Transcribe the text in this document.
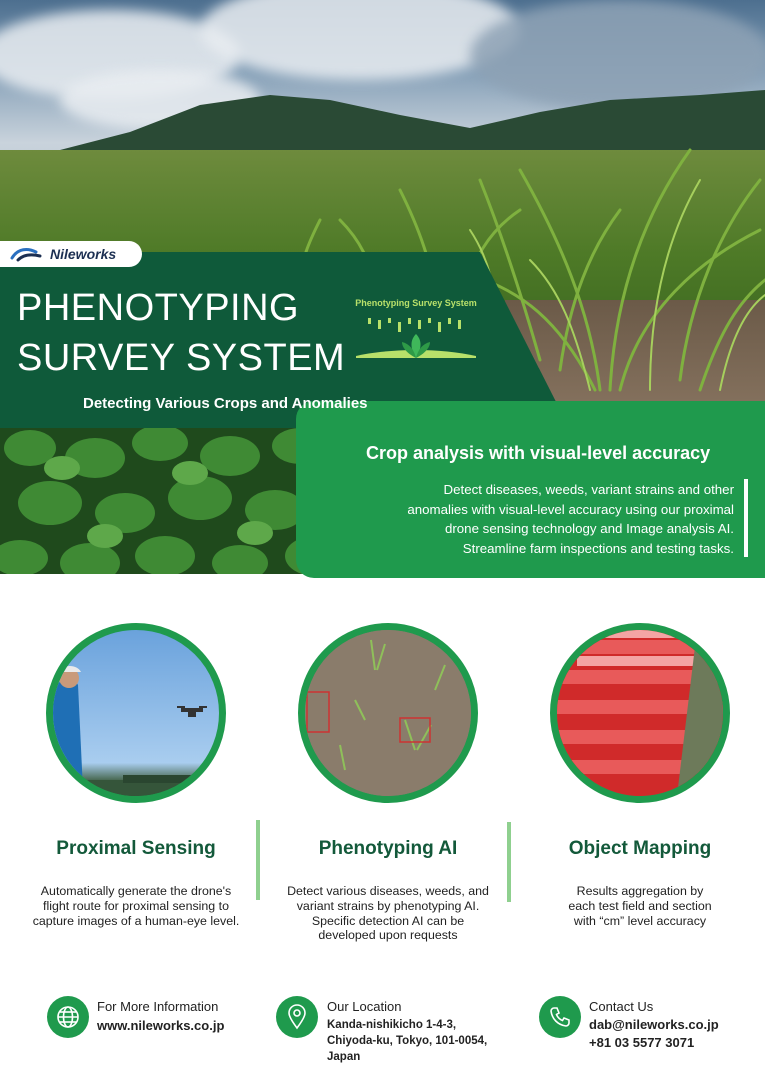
Nileworks
PHENOTYPING
SURVEY SYSTEM
Detecting Various Crops and Anomalies
Phenotyping Survey System
Crop analysis with visual-level accuracy
Detect diseases, weeds, variant strains and other
anomalies with visual-level accuracy using our proximal
drone sensing technology and Image analysis AI.
Streamline farm inspections and testing tasks.
Proximal Sensing
Automatically generate the drone's
flight route for proximal sensing to
capture images of a human-eye level.
Phenotyping AI
Detect various diseases, weeds, and
variant strains by phenotyping AI.
Specific detection AI can be
developed upon requests
Object Mapping
Results aggregation by
each test field and section
with “cm” level accuracy
For More Information
www.nileworks.co.jp
Our Location
Kanda-nishikicho 1-4-3,
Chiyoda-ku, Tokyo, 101-0054,
Japan
Contact Us
dab@nileworks.co.jp
+81 03 5577 3071
